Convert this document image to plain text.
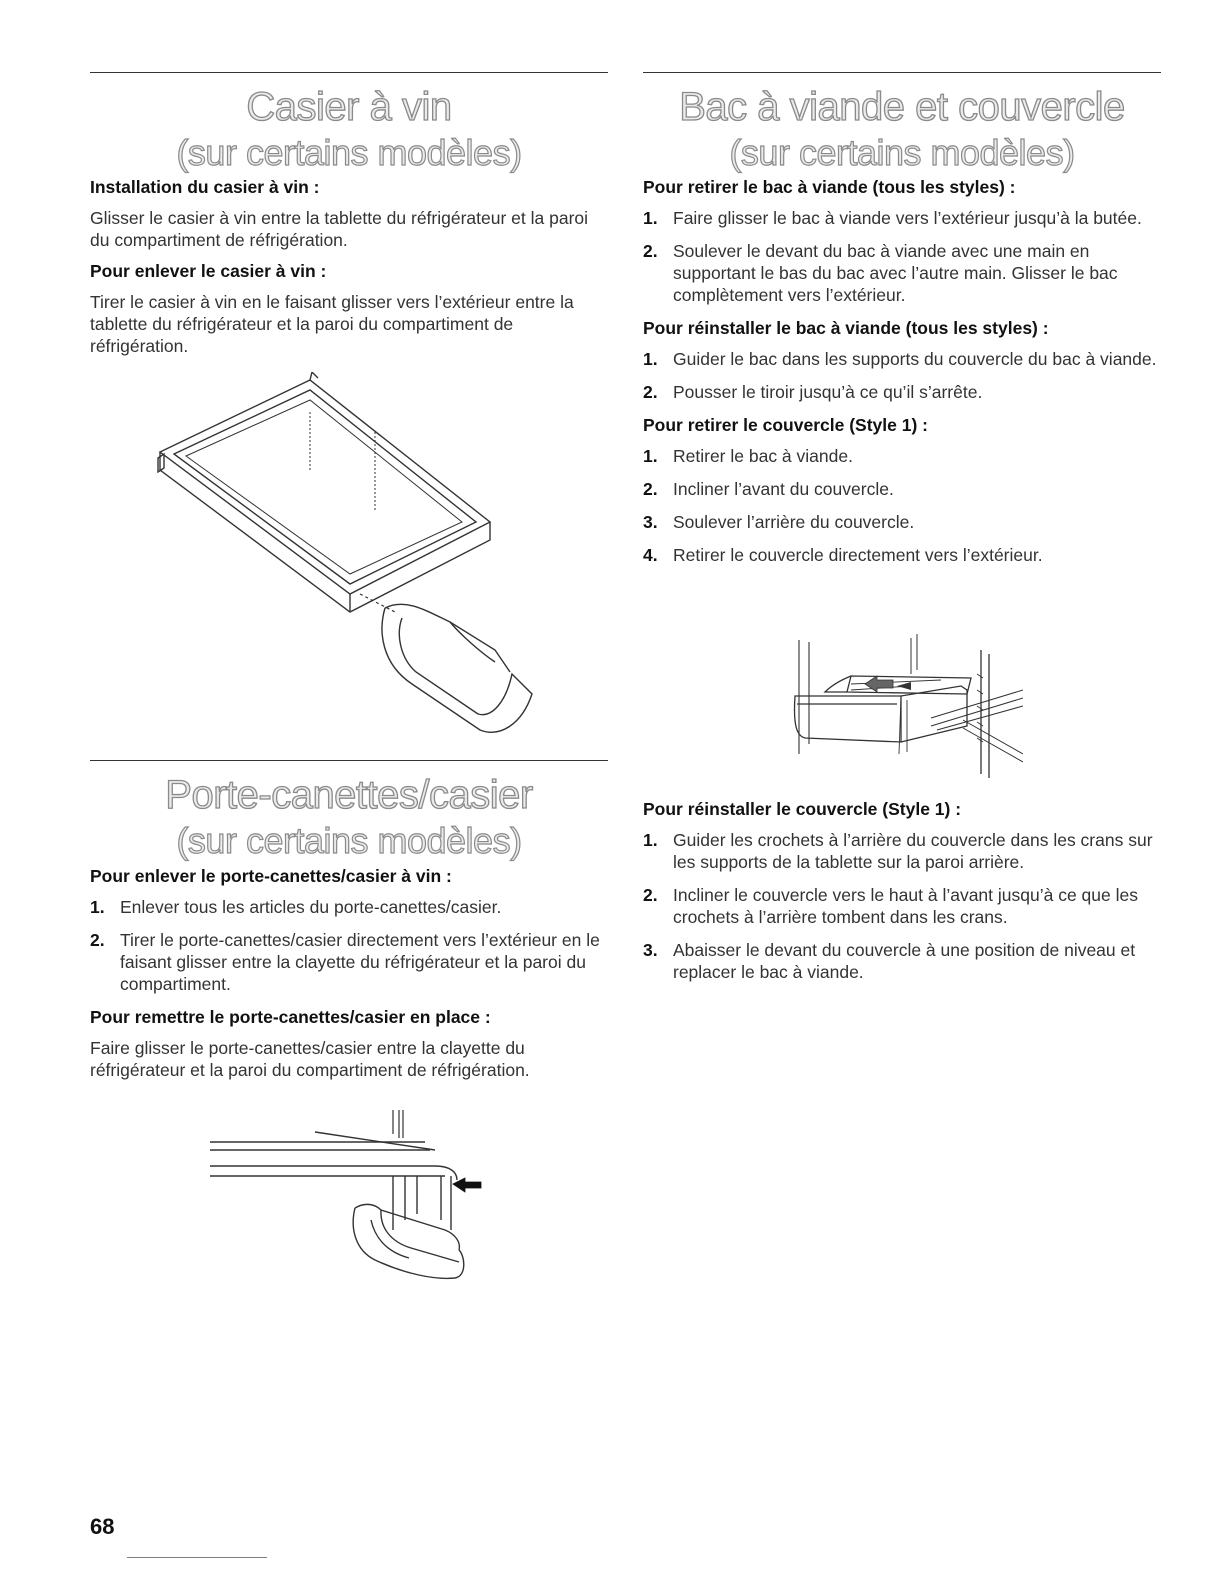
Casier à vin
(sur certains modèles)
Installation du casier à vin :

Glisser le casier à vin entre la tablette du réfrigérateur et la paroi du compartiment de réfrigération.

Pour enlever le casier à vin :

Tirer le casier à vin en le faisant glisser vers l’extérieur entre la tablette du réfrigérateur et la paroi du compartiment de réfrigération.

Porte-canettes/casier
(sur certains modèles)
Pour enlever le porte-canettes/casier à vin :
1. Enlever tous les articles du porte-canettes/casier.
2. Tirer le porte-canettes/casier directement vers l’extérieur en le faisant glisser entre la clayette du réfrigérateur et la paroi du compartiment.
Pour remettre le porte-canettes/casier en place :

Faire glisser le porte-canettes/casier entre la clayette du réfrigérateur et la paroi du compartiment de réfrigération.

Bac à viande et couvercle
(sur certains modèles)
Pour retirer le bac à viande (tous les styles) :
1. Faire glisser le bac à viande vers l’extérieur jusqu’à la butée.
2. Soulever le devant du bac à viande avec une main en supportant le bas du bac avec l’autre main. Glisser le bac complètement vers l’extérieur.
Pour réinstaller le bac à viande (tous les styles) :
1. Guider le bac dans les supports du couvercle du bac à viande.
2. Pousser le tiroir jusqu’à ce qu’il s’arrête.
Pour retirer le couvercle (Style 1) :
1. Retirer le bac à viande.
2. Incliner l’avant du couvercle.
3. Soulever l’arrière du couvercle.
4. Retirer le couvercle directement vers l’extérieur.
Pour réinstaller le couvercle (Style 1) :
1. Guider les crochets à l’arrière du couvercle dans les crans sur les supports de la tablette sur la paroi arrière.
2. Incliner le couvercle vers le haut à l’avant jusqu’à ce que les crochets à l’arrière tombent dans les crans.
3. Abaisser le devant du couvercle à une position de niveau et replacer le bac à viande.
68
